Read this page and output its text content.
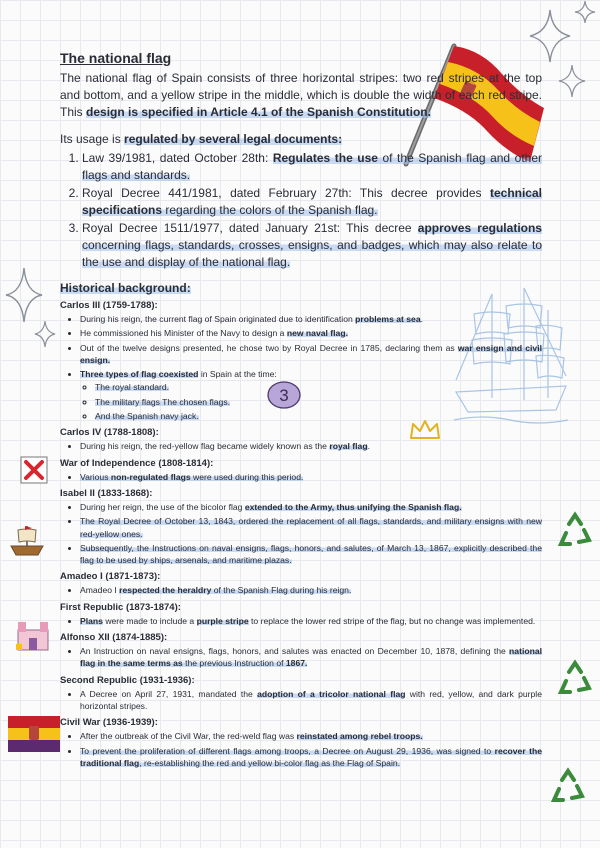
3
The national flag

The national flag of Spain consists of three horizontal stripes: two red stripes at the top and bottom, and a yellow stripe in the middle, which is double the width of each red stripe. This design is specified in Article 4.1 of the Spanish Constitution.

Its usage is regulated by several legal documents:

1. Law 39/1981, dated October 28th: Regulates the use of the Spanish flag and other flags and standards.
2. Royal Decree 441/1981, dated February 27th: This decree provides technical specifications regarding the colors of the Spanish flag.
3. Royal Decree 1511/1977, dated January 21st: This decree approves regulations concerning flags, standards, crosses, ensigns, and badges, which may also relate to the use and display of the national flag.

Historical background:

Carlos III (1759-1788):

• During his reign, the current flag of Spain originated due to identification problems at sea.
• He commissioned his Minister of the Navy to design a new naval flag.
• Out of the twelve designs presented, he chose two by Royal Decree in 1785, declaring them as war ensign and civil ensign.
• Three types of flag coexisted in Spain at the time:
◦ The royal standard.
◦ The military flags The chosen flags.
◦ And the Spanish navy jack.

Carlos IV (1788-1808):

• During his reign, the red-yellow flag became widely known as the royal flag.

War of Independence (1808-1814):

• Various non-regulated flags were used during this period.

Isabel II (1833-1868):

• During her reign, the use of the bicolor flag extended to the Army, thus unifying the Spanish flag.
• The Royal Decree of October 13, 1843, ordered the replacement of all flags, standards, and military ensigns with new red-yellow ones.
• Subsequently, the Instructions on naval ensigns, flags, honors, and salutes, of March 13, 1867, explicitly described the flag to be used by ships, arsenals, and maritime plazas.

Amadeo I (1871-1873):

• Amadeo I respected the heraldry of the Spanish Flag during his reign.

First Republic (1873-1874):

• Plans were made to include a purple stripe to replace the lower red stripe of the flag, but no change was implemented.

Alfonso XII (1874-1885):

• An Instruction on naval ensigns, flags, honors, and salutes was enacted on December 10, 1878, defining the national flag in the same terms as the previous Instruction of 1867.

Second Republic (1931-1936):

• A Decree on April 27, 1931, mandated the adoption of a tricolor national flag with red, yellow, and dark purple horizontal stripes.

Civil War (1936-1939):

• After the outbreak of the Civil War, the red-weld flag was reinstated among rebel troops.
• To prevent the proliferation of different flags among troops, a Decree on August 29, 1936, was signed to recover the traditional flag, re-establishing the red and yellow bi-color flag as the Flag of Spain.
